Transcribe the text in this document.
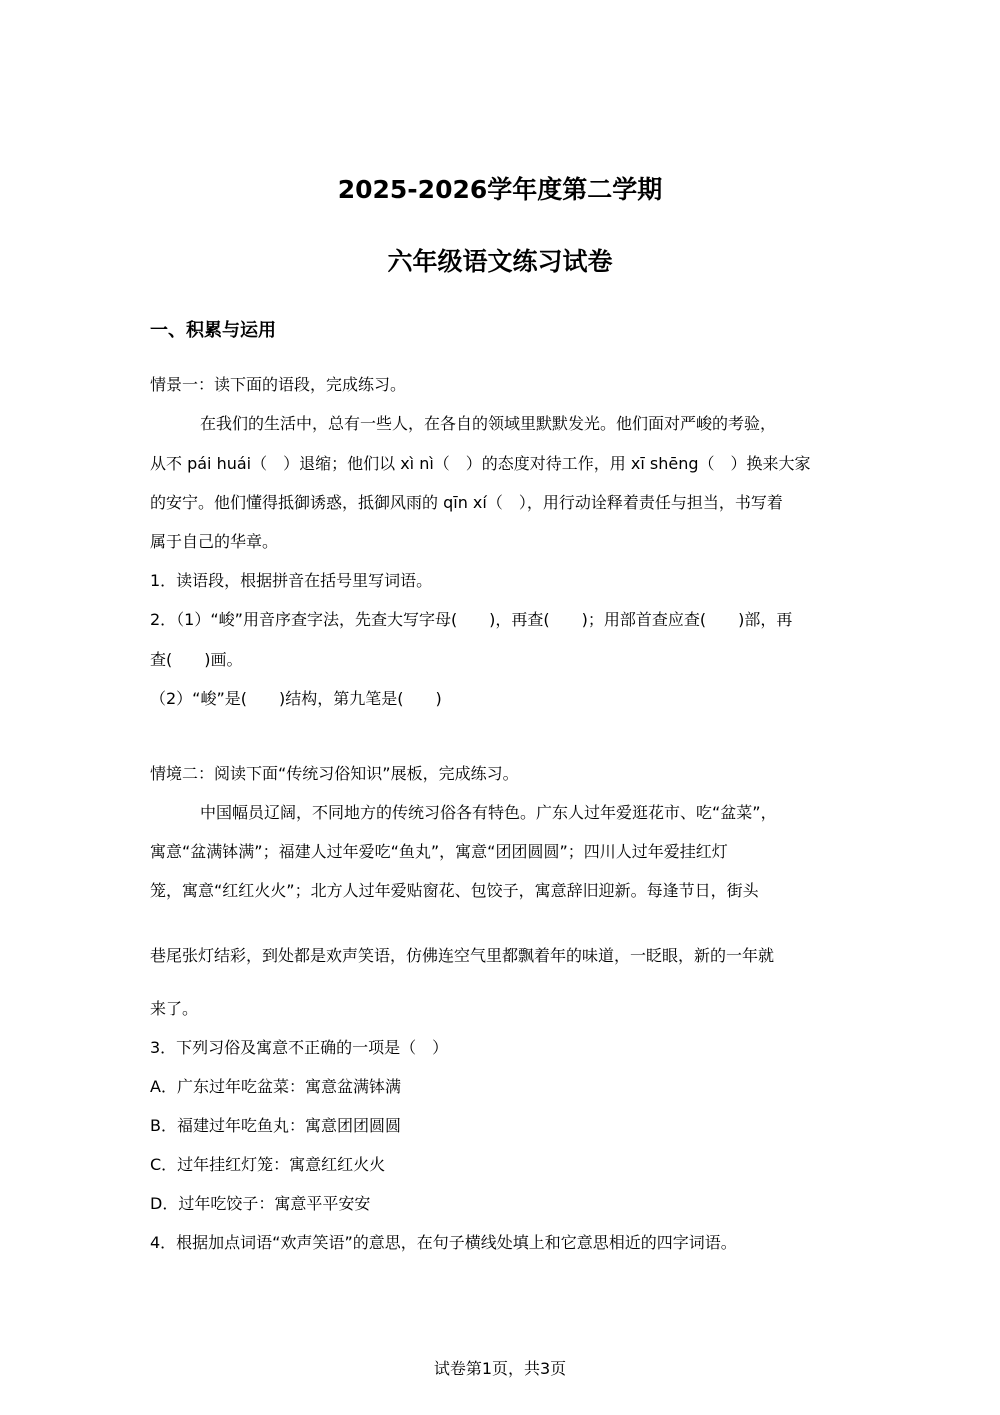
2025-2026学年度第二学期
六年级语文练习试卷
一、积累与运用
情景一：读下面的语段，完成练习。
在我们的生活中，总有一些人，在各自的领域里默默发光。他们面对严峻的考验，
从不 pái huái（　）退缩；他们以 xì nì（　）的态度对待工作，用 xī shēng（　）换来大家
的安宁。他们懂得抵御诱惑，抵御风雨的 qīn xí（　），用行动诠释着责任与担当，书写着
属于自己的华章。
1．读语段，根据拼音在括号里写词语。
2．（1）“峻”用音序查字法，先查大写字母(　　)，再查(　　)；用部首查应查(　　)部，再
查(　　)画。
（2）“峻”是(　　)结构，第九笔是(　　)
情境二：阅读下面“传统习俗知识”展板，完成练习。
中国幅员辽阔，不同地方的传统习俗各有特色。广东人过年爱逛花市、吃“盆菜”，
寓意“盆满钵满”；福建人过年爱吃“鱼丸”，寓意“团团圆圆”；四川人过年爱挂红灯
笼，寓意“红红火火”；北方人过年爱贴窗花、包饺子，寓意辞旧迎新。每逢节日，街头
巷尾张灯结彩，到处都是欢声笑语，仿佛连空气里都飘着年的味道，一眨眼，新的一年就
来了。
3．下列习俗及寓意不正确的一项是（　）
A．广东过年吃盆菜：寓意盆满钵满
B．福建过年吃鱼丸：寓意团团圆圆
C．过年挂红灯笼：寓意红红火火
D．过年吃饺子：寓意平平安安
4．根据加点词语“欢声笑语”的意思，在句子横线处填上和它意思相近的四字词语。
试卷第1页，共3页
